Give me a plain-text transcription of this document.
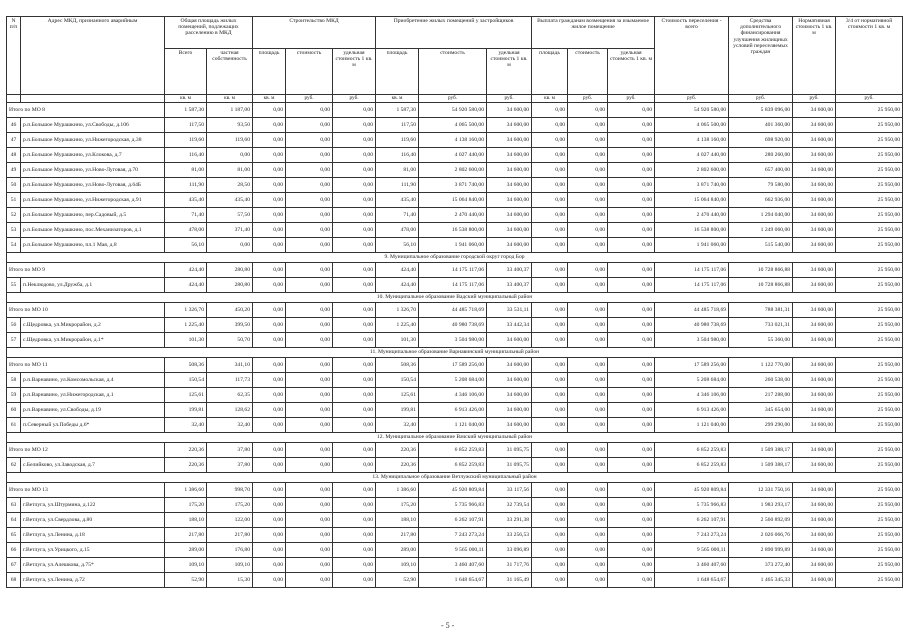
N п/п	Адрес МКД, признанного аварийным	Общая площадь жилых помещений, подлежащих расселению в МКД		Строительство МКД			Приобретение жилых помещений у застройщиков			Выплата гражданам возмещения за изымаемое жилое помещение			Стоимость переселения - всего	Средства дополнительного финансирования улучшения жилищных условий переселяемых граждан	Нормативная стоимость 1 кв. м	3/4 от нормативной стоимости 1 кв. м
		Всего	частная собственность	площадь	стоимость	удельная стоимость 1 кв. м	площадь	стоимость	удельная стоимость 1 кв. м	площадь	стоимость	удельная стоимость 1 кв. м				
		кв. м	кв. м	кв. м	руб.	руб.	кв. м	руб.	руб.	кв. м	руб.	руб.	руб.	руб.	руб.	руб.
Итого по МО 8		1 587,30	1 187,00	0,00	0,00	0,00	1 587,30	54 920 580,00	34 600,00	0,00	0,00	0,00	54 920 580,00	5 839 096,00	34 600,00	25 950,00
46	р.п.Большое Мурашкино, ул.Свободы, д.106	117,50	93,50	0,00	0,00	0,00	117,50	4 065 500,00	34 600,00	0,00	0,00	0,00	4 065 500,00	401 360,00	34 600,00	25 950,00
47	р.п.Большое Мурашкино, ул.Нижегородская, д.38	119,60	119,60	0,00	0,00	0,00	119,60	4 138 160,00	34 600,00	0,00	0,00	0,00	4 138 160,00	698 920,00	34 600,00	25 950,00
48	р.п.Большое Мурашкино, ул.Клокова, д.7	116,40	0,00	0,00	0,00	0,00	116,40	4 027 440,00	34 600,00	0,00	0,00	0,00	4 027 440,00	280 260,00	34 600,00	25 950,00
49	р.п.Большое Мурашкино, ул.Ново-Луговая, д.70	81,00	81,00	0,00	0,00	0,00	81,00	2 802 600,00	34 600,00	0,00	0,00	0,00	2 802 600,00	657 400,00	34 600,00	25 950,00
50	р.п.Большое Мурашкино, ул.Ново-Луговая, д.64Б	111,90	28,50	0,00	0,00	0,00	111,90	3 871 740,00	34 600,00	0,00	0,00	0,00	3 871 740,00	79 580,00	34 600,00	25 950,00
51	р.п.Большое Мурашкино, ул.Нижегородская, д.91	435,40	435,40	0,00	0,00	0,00	435,40	15 064 840,00	34 600,00	0,00	0,00	0,00	15 064 840,00	662 936,00	34 600,00	25 950,00
52	р.п.Большое Мурашкино, пер.Садовый, д.5	71,40	57,50	0,00	0,00	0,00	71,40	2 470 440,00	34 600,00	0,00	0,00	0,00	2 470 440,00	1 294 040,00	34 600,00	25 950,00
53	р.п.Большое Мурашкино, пос.Механизаторов, д.1	478,00	371,40	0,00	0,00	0,00	478,00	16 538 800,00	34 600,00	0,00	0,00	0,00	16 538 800,00	1 249 060,00	34 600,00	25 950,00
54	р.п.Большое Мурашкино, пл.1 Мая, д.8	56,10	0,00	0,00	0,00	0,00	56,10	1 941 060,00	34 600,00	0,00	0,00	0,00	1 941 060,00	515 540,00	34 600,00	25 950,00
9. Муниципальное образование городской округ город Бор																
Итого по МО 9		424,40	280,80	0,00	0,00	0,00	424,40	14 175 117,06	33 400,37	0,00	0,00	0,00	14 175 117,06	10 728 866,88	34 600,00	25 950,00
55	п.Неклюдово, ул.Дружба, д.1	424,40	280,80	0,00	0,00	0,00	424,40	14 175 117,06	33 400,37	0,00	0,00	0,00	14 175 117,06	10 728 866,88	34 600,00	25 950,00
10. Муниципальное образование Вадский муниципальный район																
Итого по МО 10		1 326,70	450,20	0,00	0,00	0,00	1 326,70	44 485 718,69	33 531,11	0,00	0,00	0,00	44 485 718,69	788 381,31	34 600,00	25 950,00
56	с.Щедровка, ул.Микрорайон, д.2	1 225,40	399,50	0,00	0,00	0,00	1 225,40	40 980 738,69	33 442,34	0,00	0,00	0,00	40 980 738,69	733 021,31	34 600,00	25 950,00
57	с.Щедровка, ул.Микрорайон, д.1*	101,30	50,70	0,00	0,00	0,00	101,30	3 504 980,00	34 600,00	0,00	0,00	0,00	3 504 980,00	55 360,00	34 600,00	25 950,00
11. Муниципальное образование Варнавинский муниципальный район																
Итого по МО 11		508,36	341,10	0,00	0,00	0,00	508,36	17 589 256,00	34 600,00	0,00	0,00	0,00	17 589 256,00	1 122 770,00	34 600,00	25 950,00
58	р.п.Варнавино, ул.Комсомольская, д.4	150,54	117,73	0,00	0,00	0,00	150,54	5 208 684,00	34 600,00	0,00	0,00	0,00	5 208 684,00	260 538,00	34 600,00	25 950,00
59	р.п.Варнавино, ул.Нижегородская, д.1	125,61	62,35	0,00	0,00	0,00	125,61	4 346 106,00	34 600,00	0,00	0,00	0,00	4 346 106,00	217 288,00	34 600,00	25 950,00
60	р.п.Варнавино, ул.Свободы, д.19	199,81	128,62	0,00	0,00	0,00	199,81	6 913 426,00	34 600,00	0,00	0,00	0,00	6 913 426,00	345 654,00	34 600,00	25 950,00
61	п.Северный ул.Победы д.6*	32,40	32,40	0,00	0,00	0,00	32,40	1 121 040,00	34 600,00	0,00	0,00	0,00	1 121 040,00	299 290,00	34 600,00	25 950,00
12. Муниципальное образование Вачский муниципальный район																
Итого по МО 12		220,36	37,80	0,00	0,00	0,00	220,36	6 852 259,83	31 095,75	0,00	0,00	0,00	6 852 259,83	1 509 388,17	34 600,00	25 950,00
62	с.Белийково, ул.Заводская, д.7	220,36	37,80	0,00	0,00	0,00	220,36	6 852 259,83	31 095,75	0,00	0,00	0,00	6 852 259,83	1 509 388,17	34 600,00	25 950,00
13. Муниципальное образование Ветлужский муниципальный район																
Итого по МО 13		1 386,60	998,70	0,00	0,00	0,00	1 386,60	45 920 809,84	33 117,56	0,00	0,00	0,00	45 920 809,84	12 331 750,16	34 600,00	25 950,00
63	г.Ветлуга, ул.Штурмина, д.122	175,20	175,20	0,00	0,00	0,00	175,20	5 735 966,83	32 739,54	0,00	0,00	0,00	5 735 966,83	1 983 293,17	34 600,00	25 950,00
64	г.Ветлуга, ул.Свердлова, д.80	188,10	122,00	0,00	0,00	0,00	188,10	6 262 107,91	33 291,38	0,00	0,00	0,00	6 262 107,91	2 560 892,09	34 600,00	25 950,00
65	г.Ветлуга, ул.Ленина, д.18	217,80	217,80	0,00	0,00	0,00	217,80	7 243 273,24	33 256,53	0,00	0,00	0,00	7 243 273,24	2 026 066,76	34 600,00	25 950,00
66	г.Ветлуга, ул.Урицкого, д.15	289,00	176,80	0,00	0,00	0,00	289,00	9 565 000,11	33 096,89	0,00	0,00	0,00	9 565 000,11	2 890 999,89	34 600,00	25 950,00
67	г.Ветлуга, ул.Алешкова, д.75*	109,10	109,10	0,00	0,00	0,00	109,10	3 460 407,60	31 717,76	0,00	0,00	0,00	3 460 407,60	373 272,40	34 600,00	25 950,00
68	г.Ветлуга, ул.Ленина, д.72	52,90	15,30	0,00	0,00	0,00	52,90	1 648 654,67	31 165,49	0,00	0,00	0,00	1 648 654,67	1 465 345,33	34 600,00	25 950,00
- 5 -
